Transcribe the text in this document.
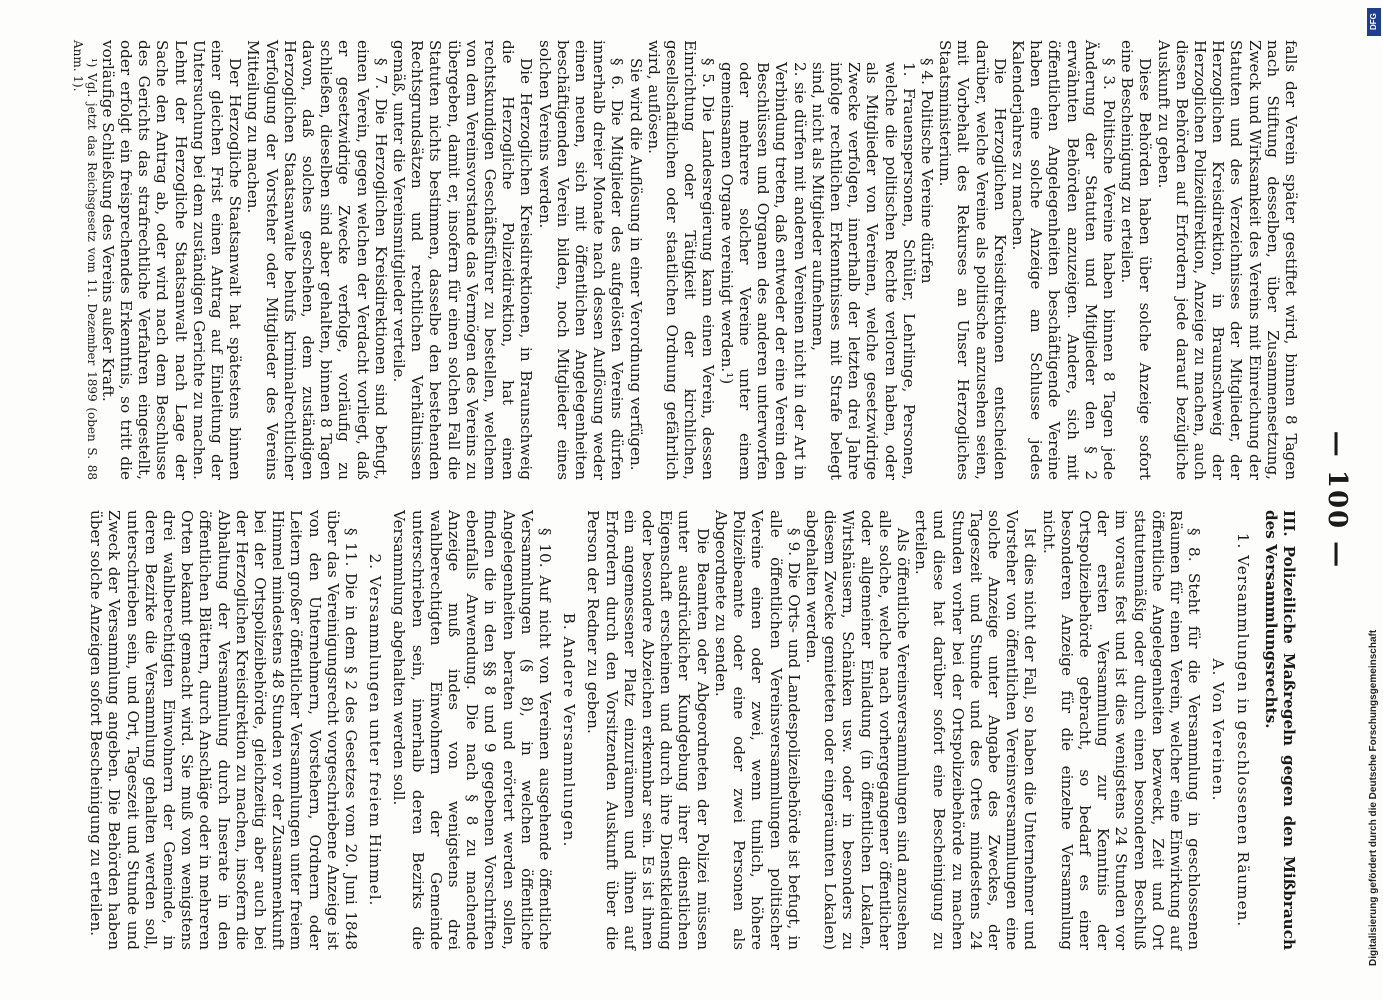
— 100 —

falls der Verein später gestiftet wird, binnen 8 Tagen nach Stiftung desselben, über Zusammensetzung, Zweck und Wirksamkeit des Vereins mit Einreichung der Statuten und des Verzeichnisses der Mitglieder, der Herzoglichen Kreisdirektion, in Braunschweig der Herzoglichen Polizeidirektion, Anzeige zu machen, auch diesen Behörden auf Erfordern jede darauf bezügliche Auskunft zu geben.

Diese Behörden haben über solche Anzeige sofort eine Bescheinigung zu erteilen.

§ 3. Politische Vereine haben binnen 8 Tagen jede Änderung der Statuten und Mitglieder den § 2 erwähnten Behörden anzuzeigen. Andere, sich mit öffentlichen Angelegenheiten beschäftigende Vereine haben eine solche Anzeige am Schlusse jedes Kalenderjahres zu machen.

Die Herzoglichen Kreisdirektionen entscheiden darüber, welche Vereine als politische anzusehen seien, mit Vorbehalt des Rekurses an Unser Herzogliches Staatsministerium.

§ 4. Politische Vereine dürfen

1. Frauenspersonen, Schüler, Lehrlinge, Personen, welche die politischen Rechte verloren haben, oder als Mitglieder von Vereinen, welche gesetzwidrige Zwecke verfolgen, innerhalb der letzten drei Jahre infolge rechtlichen Erkenntnisses mit Strafe belegt sind, nicht als Mitglieder aufnehmen,

2. sie dürfen mit anderen Vereinen nicht in der Art in Verbindung treten, daß entweder der eine Verein den Beschlüssen und Organen des anderen unterworfen oder mehrere solcher Vereine unter einem gemeinsamen Organe vereinigt werden.¹)

§ 5. Die Landesregierung kann einen Verein, dessen Einrichtung oder Tätigkeit der kirchlichen, gesellschaftlichen oder staatlichen Ordnung gefährlich wird, auflösen.

Sie wird die Auflösung in einer Verordnung verfügen.

§ 6. Die Mitglieder des aufgelösten Vereins dürfen innerhalb dreier Monate nach dessen Auflösung weder einen neuen, sich mit öffentlichen Angelegenheiten beschäftigenden Verein bilden, noch Mitglieder eines solchen Vereins werden.

Die Herzoglichen Kreisdirektionen, in Braunschweig die Herzogliche Polizeidirektion, hat einen rechtskundigen Geschäftsführer zu bestellen, welchem von dem Vereinsvorstande das Vermögen des Vereins zu übergeben, damit er, insofern für einen solchen Fall die Statuten nichts bestimmen, dasselbe den bestehenden Rechtsgrundsätzen und rechtlichen Verhältnissen gemäß, unter die Vereinsmitglieder verteile.

§ 7. Die Herzoglichen Kreisdirektionen sind befugt, einen Verein, gegen welchen der Verdacht vorliegt, daß er gesetzwidrige Zwecke verfolge, vorläufig zu schließen, dieselben sind aber gehalten, binnen 8 Tagen davon, daß solches geschehen, dem zuständigen Herzoglichen Staatsanwalte behufs kriminalrechtlicher Verfolgung der Vorsteher oder Mitglieder des Vereins Mitteilung zu machen.

Der Herzogliche Staatsanwalt hat spätestens binnen einer gleichen Frist einen Antrag auf Einleitung der Untersuchung bei dem zuständigen Gerichte zu machen. Lehnt der Herzogliche Staatsanwalt nach Lage der Sache den Antrag ab, oder wird nach dem Beschlusse des Gerichts das strafrechtliche Verfahren eingestellt, oder erfolgt ein freisprechendes Erkenntnis, so tritt die vorläufige Schließung des Vereins außer Kraft.

¹) Vgl. jetzt das Reichsgesetz vom 11. Dezember 1899 (oben S. 88 Anm. 1).

III. Polizeiliche Maßregeln gegen den Mißbrauch des Versammlungsrechts.

1. Versammlungen in geschlossenen Räumen.

A. Von Vereinen.

§ 8. Steht für die Versammlung in geschlossenen Räumen für einen Verein, welcher eine Einwirkung auf öffentliche Angelegenheiten bezweckt, Zeit und Ort statutenmäßig oder durch einen besonderen Beschluß im voraus fest und ist dies wenigstens 24 Stunden vor der ersten Versammlung zur Kenntnis der Ortspolizeibehörde gebracht, so bedarf es einer besonderen Anzeige für die einzelne Versammlung nicht.

Ist dies nicht der Fall, so haben die Unternehmer und Vorsteher von öffentlichen Vereinsversammlungen eine solche Anzeige unter Angabe des Zweckes, der Tageszeit und Stunde und des Ortes mindestens 24 Stunden vorher bei der Ortspolizeibehörde zu machen und diese hat darüber sofort eine Bescheinigung zu erteilen.

Als öffentliche Vereinsversammlungen sind anzusehen alle solche, welche nach vorhergegangener öffentlicher oder allgemeiner Einladung (in öffentlichen Lokalen, Wirtshäusern, Schänken usw. oder in besonders zu diesem Zwecke gemieteten oder eingeräumten Lokalen) abgehalten werden.

§ 9. Die Orts- und Landespolizeibehörde ist befugt, in alle öffentlichen Vereinsversammlungen politischer Vereine einen oder zwei, wenn tunlich, höhere Polizeibeamte oder eine oder zwei Personen als Abgeordnete zu senden.

Die Beamten oder Abgeordneten der Polizei müssen unter ausdrücklicher Kundgebung ihrer dienstlichen Eigenschaft erscheinen und durch ihre Dienstkleidung oder besondere Abzeichen erkennbar sein. Es ist ihnen ein angemessener Platz einzuräumen und ihnen auf Erfordern durch den Vorsitzenden Auskunft über die Person der Redner zu geben.

B. Andere Versammlungen.

§ 10. Auf nicht von Vereinen ausgehende öffentliche Versammlungen (§ 8), in welchen öffentliche Angelegenheiten beraten und erörtert werden sollen, finden die in den §§ 8 und 9 gegebenen Vorschriften ebenfalls Anwendung. Die nach § 8 zu machende Anzeige muß indes von wenigstens drei wahlberechtigten Einwohnern der Gemeinde unterschrieben sein, innerhalb deren Bezirks die Versammlung abgehalten werden soll.

2. Versammlungen unter freiem Himmel.

§ 11. Die in dem § 2 des Gesetzes vom 20. Juni 1848 über das Vereinigungsrecht vorgeschriebene Anzeige ist von den Unternehmern, Vorstehern, Ordnern oder Leitern großer öffentlicher Versammlungen unter freiem Himmel mindestens 48 Stunden vor der Zusammenkunft bei der Ortspolizeibehörde, gleichzeitig aber auch bei der Herzoglichen Kreisdirektion zu machen, insofern die Abhaltung der Versammlung durch Inserate in den öffentlichen Blättern, durch Anschläge oder in mehreren Orten bekannt gemacht wird. Sie muß von wenigstens drei wahlberechtigten Einwohnern der Gemeinde, in deren Bezirke die Versammlung gehalten werden soll, unterschrieben sein, und Ort, Tageszeit und Stunde und Zweck der Versammlung angeben. Die Behörden haben über solche Anzeigen sofort Bescheinigung zu erteilen.

DFG
Digitalisierung gefördert durch die Deutsche Forschungsgemeinschaft
